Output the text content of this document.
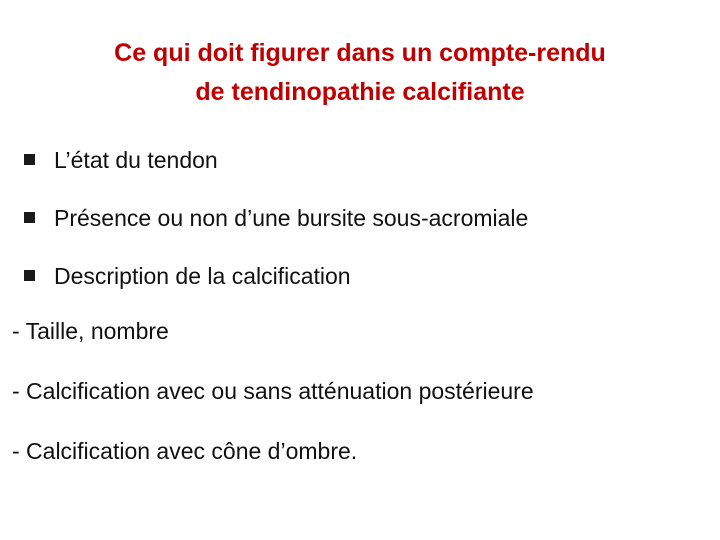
Ce qui doit figurer dans un compte-rendu
de tendinopathie calcifiante
L’état du tendon
Présence ou non d’une bursite sous-acromiale
Description de la calcification
- Taille, nombre
- Calciﬁcation avec ou sans atténuation postérieure
- Calciﬁcation avec cône d’ombre.
